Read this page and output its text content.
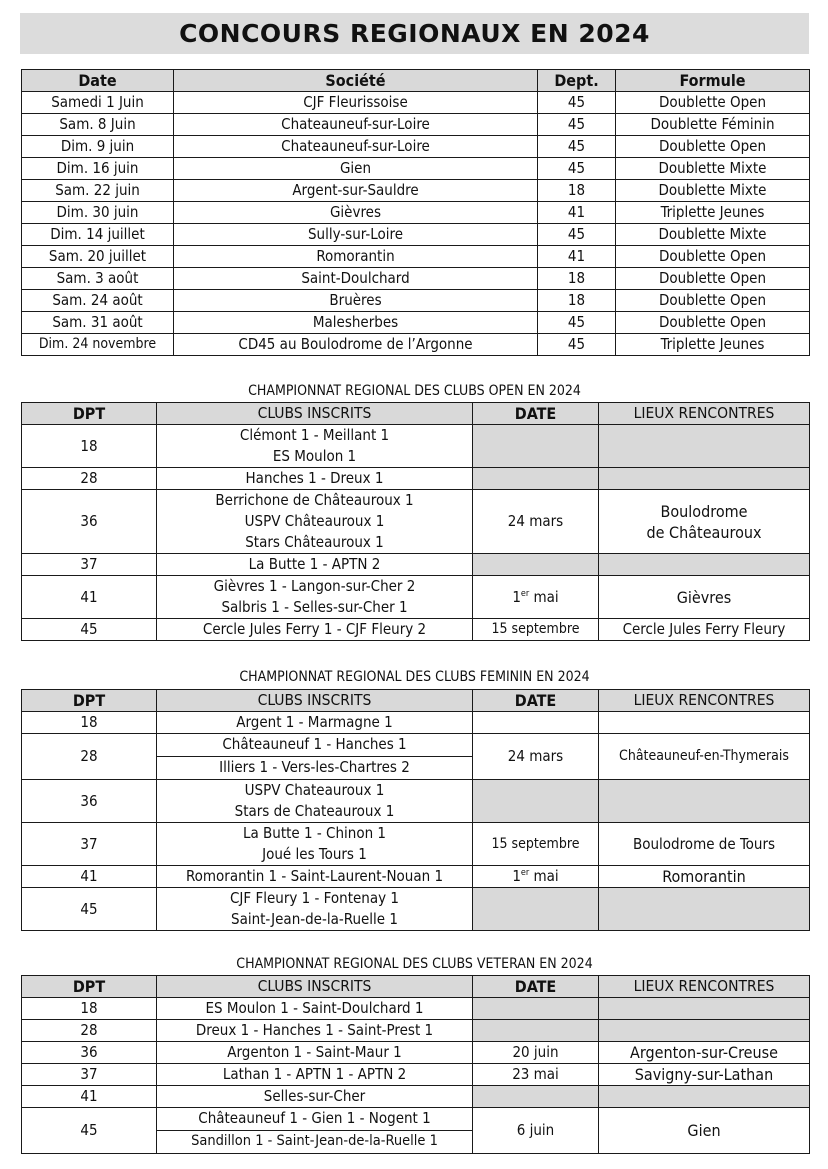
CONCOURS REGIONAUX EN 2024
Date	Société	Dept.	Formule
Samedi 1 Juin	CJF Fleurissoise	45	Doublette Open
Sam. 8 Juin	Chateauneuf-sur-Loire	45	Doublette Féminin
Dim. 9 juin	Chateauneuf-sur-Loire	45	Doublette Open
Dim. 16 juin	Gien	45	Doublette Mixte
Sam. 22 juin	Argent-sur-Sauldre	18	Doublette Mixte
Dim. 30 juin	Gièvres	41	Triplette Jeunes
Dim. 14 juillet	Sully-sur-Loire	45	Doublette Mixte
Sam. 20 juillet	Romorantin	41	Doublette Open
Sam. 3 août	Saint-Doulchard	18	Doublette Open
Sam. 24 août	Bruères	18	Doublette Open
Sam. 31 août	Malesherbes	45	Doublette Open
Dim. 24 novembre	CD45 au Boulodrome de l’Argonne	45	Triplette Jeunes
CHAMPIONNAT REGIONAL DES CLUBS OPEN EN 2024
DPT	CLUBS INSCRITS	DATE	LIEUX RENCONTRES
18	Clémont 1 - Meillant 1
ES Moulon 1		

28	Hanches 1 - Dreux 1		
36	Berrichone de Châteauroux 1
USPV Châteauroux 1
Stars Châteauroux 1	24 mars	Boulodrome
de Châteauroux

37	La Butte 1 - APTN 2		
41	Gièvres 1 - Langon-sur-Cher 2
Salbris 1 - Selles-sur-Cher 1	1er mai	Gièvres
45	Cercle Jules Ferry 1 - CJF Fleury 2	15 septembre	Cercle Jules Ferry Fleury
CHAMPIONNAT REGIONAL DES CLUBS FEMININ EN 2024
DPT	CLUBS INSCRITS	DATE	LIEUX RENCONTRES
18	Argent 1 - Marmagne 1		
28	Châteauneuf 1 - Hanches 1
Illiers 1 - Vers-les-Chartres 2	24 mars	Châteauneuf-en-Thymerais
36	USPV Chateauroux 1
Stars de Chateauroux 1		

37	La Butte 1 - Chinon 1
Joué les Tours 1	15 septembre	Boulodrome de Tours
41	Romorantin 1 - Saint-Laurent-Nouan 1	1er mai	Romorantin
45	CJF Fleury 1 - Fontenay 1
Saint-Jean-de-la-Ruelle 1		

CHAMPIONNAT REGIONAL DES CLUBS VETERAN EN 2024
DPT	CLUBS INSCRITS	DATE	LIEUX RENCONTRES
18	ES Moulon 1 - Saint-Doulchard 1		
28	Dreux 1 - Hanches 1 - Saint-Prest 1		
36	Argenton 1 - Saint-Maur 1	20 juin	Argenton-sur-Creuse
37	Lathan 1 - APTN 1 - APTN 2	23 mai	Savigny-sur-Lathan
41	Selles-sur-Cher		
45	Châteauneuf 1 - Gien 1 - Nogent 1
Sandillon 1 - Saint-Jean-de-la-Ruelle 1	6 juin	Gien
